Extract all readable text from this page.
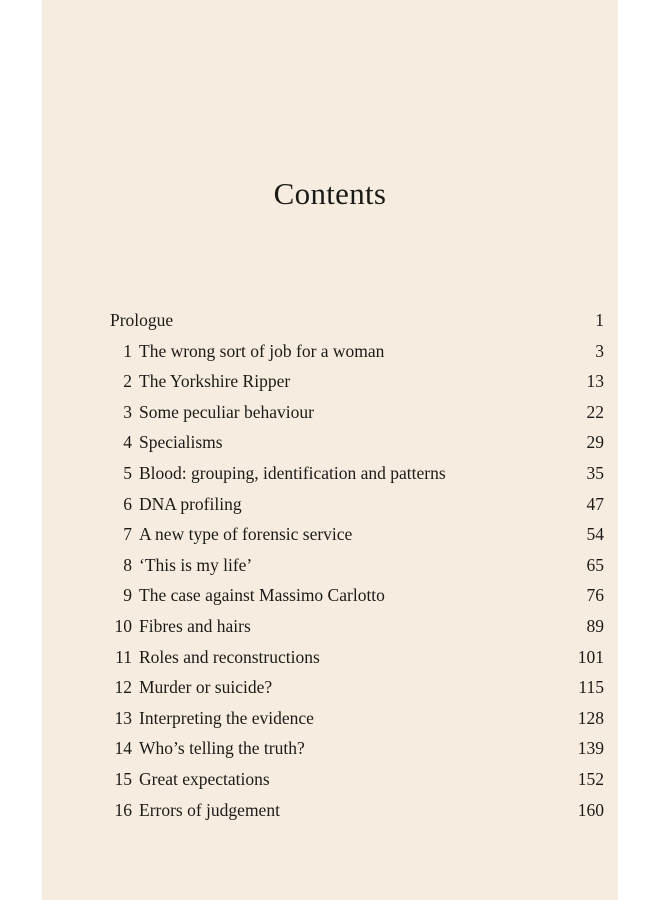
Contents
Prologue	1
1 The wrong sort of job for a woman	3
2 The Yorkshire Ripper	13
3 Some peculiar behaviour	22
4 Specialisms	29
5 Blood: grouping, identification and patterns	35
6 DNA profiling	47
7 A new type of forensic service	54
8 ‘This is my life’	65
9 The case against Massimo Carlotto	76
10 Fibres and hairs	89
11 Roles and reconstructions	101
12 Murder or suicide?	115
13 Interpreting the evidence	128
14 Who’s telling the truth?	139
15 Great expectations	152
16 Errors of judgement	160
